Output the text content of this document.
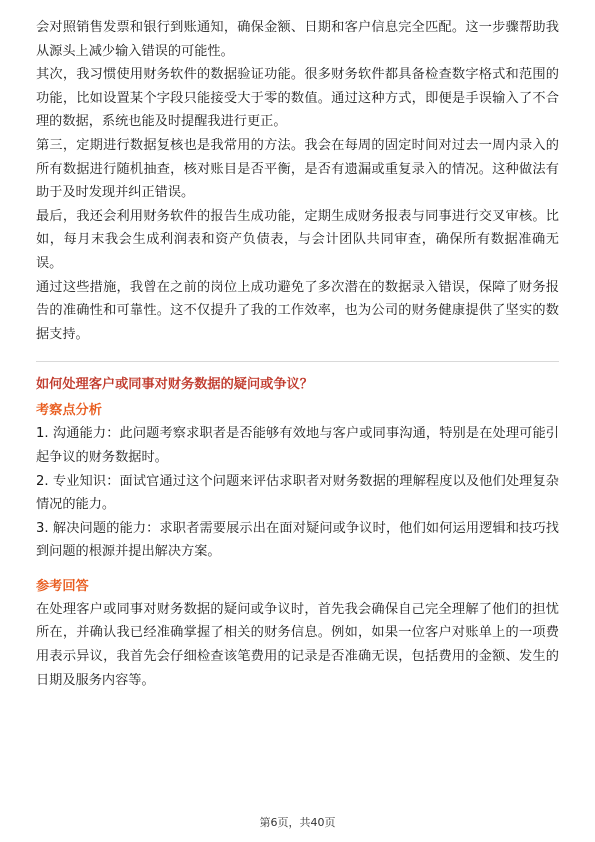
会对照销售发票和银行到账通知，确保金额、日期和客户信息完全匹配。这一步骤帮助我从源头上减少输入错误的可能性。

其次，我习惯使用财务软件的数据验证功能。很多财务软件都具备检查数字格式和范围的功能，比如设置某个字段只能接受大于零的数值。通过这种方式，即便是手误输入了不合理的数据，系统也能及时提醒我进行更正。

第三，定期进行数据复核也是我常用的方法。我会在每周的固定时间对过去一周内录入的所有数据进行随机抽查，核对账目是否平衡，是否有遗漏或重复录入的情况。这种做法有助于及时发现并纠正错误。

最后，我还会利用财务软件的报告生成功能，定期生成财务报表与同事进行交叉审核。比如，每月末我会生成利润表和资产负债表，与会计团队共同审查，确保所有数据准确无误。

通过这些措施，我曾在之前的岗位上成功避免了多次潜在的数据录入错误，保障了财务报告的准确性和可靠性。这不仅提升了我的工作效率，也为公司的财务健康提供了坚实的数据支持。

如何处理客户或同事对财务数据的疑问或争议？

考察点分析

1. 沟通能力：此问题考察求职者是否能够有效地与客户或同事沟通，特别是在处理可能引起争议的财务数据时。

2. 专业知识：面试官通过这个问题来评估求职者对财务数据的理解程度以及他们处理复杂情况的能力。

3. 解决问题的能力：求职者需要展示出在面对疑问或争议时，他们如何运用逻辑和技巧找到问题的根源并提出解决方案。

参考回答

在处理客户或同事对财务数据的疑问或争议时，首先我会确保自己完全理解了他们的担忧所在，并确认我已经准确掌握了相关的财务信息。例如，如果一位客户对账单上的一项费用表示异议，我首先会仔细检查该笔费用的记录是否准确无误，包括费用的金额、发生的日期及服务内容等。

第6页，共40页
